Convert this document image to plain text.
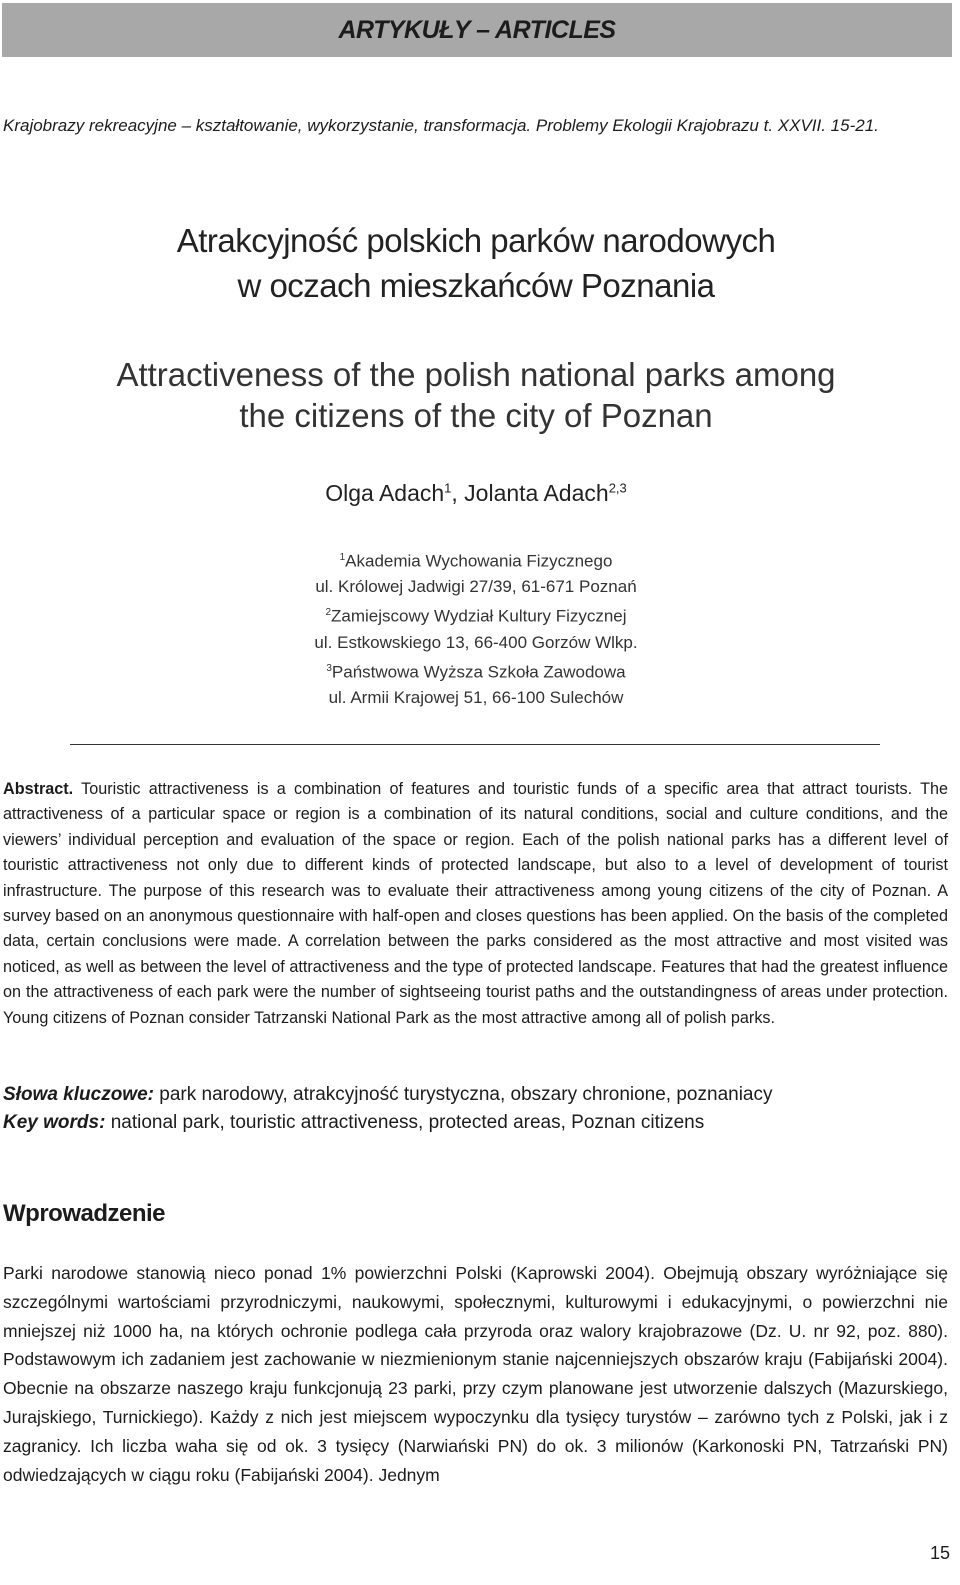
ARTYKUŁY – ARTICLES
Krajobrazy rekreacyjne – kształtowanie, wykorzystanie, transformacja. Problemy Ekologii Krajobrazu t. XXVII. 15-21.
Atrakcyjność polskich parków narodowych
w oczach mieszkańców Poznania
Attractiveness of the polish national parks among
the citizens of the city of Poznan
Olga Adach$^1$, Jolanta Adach$^{2,3}$
$^1$Akademia Wychowania Fizycznego
ul. Królowej Jadwigi 27/39, 61-671 Poznań
$^2$Zamiejscowy Wydział Kultury Fizycznej
ul. Estkowskiego 13, 66-400 Gorzów Wlkp.
$^3$Państwowa Wyższa Szkoła Zawodowa
ul. Armii Krajowej 51, 66-100 Sulechów
Abstract. Touristic attractiveness is a combination of features and touristic funds of a specific area that attract tourists. The attractiveness of a particular space or region is a combination of its natural conditions, social and culture conditions, and the viewers’ individual perception and evaluation of the space or region. Each of the polish national parks has a different level of touristic attractiveness not only due to different kinds of protected landscape, but also to a level of development of tourist infrastructure. The purpose of this research was to evaluate their attractiveness among young citizens of the city of Poznan. A survey based on an anonymous questionnaire with half-open and closes questions has been applied. On the basis of the completed data, certain conclusions were made. A correlation between the parks considered as the most attractive and most visited was noticed, as well as between the level of attractiveness and the type of protected landscape. Features that had the greatest influence on the attractiveness of each park were the number of sightseeing tourist paths and the outstandingness of areas under protection. Young citizens of Poznan consider Tatrzanski National Park as the most attractive among all of polish parks.
Słowa kluczowe: park narodowy, atrakcyjność turystyczna, obszary chronione, poznaniacy
Key words: national park, touristic attractiveness, protected areas, Poznan citizens
Wprowadzenie
Parki narodowe stanowią nieco ponad 1% powierzchni Polski (Kaprowski 2004). Obejmują obszary wyróżniające się szczególnymi wartościami przyrodniczymi, naukowymi, społecznymi, kulturowymi i edukacyjnymi, o powierzchni nie mniejszej niż 1000 ha, na których ochronie podlega cała przyroda oraz walory krajobrazowe (Dz. U. nr 92, poz. 880). Podstawowym ich zadaniem jest zachowanie w niezmienionym stanie najcenniejszych obszarów kraju (Fabijański 2004). Obecnie na obszarze naszego kraju funkcjonują 23 parki, przy czym planowane jest utworzenie dalszych (Mazurskiego, Jurajskiego, Turnickiego). Każdy z nich jest miejscem wypoczynku dla tysięcy turystów – zarówno tych z Polski, jak i z zagranicy. Ich liczba waha się od ok. 3 tysięcy (Narwiański PN) do ok. 3 milionów (Karkonoski PN, Tatrzański PN) odwiedzających w ciągu roku (Fabijański 2004). Jednym
15
